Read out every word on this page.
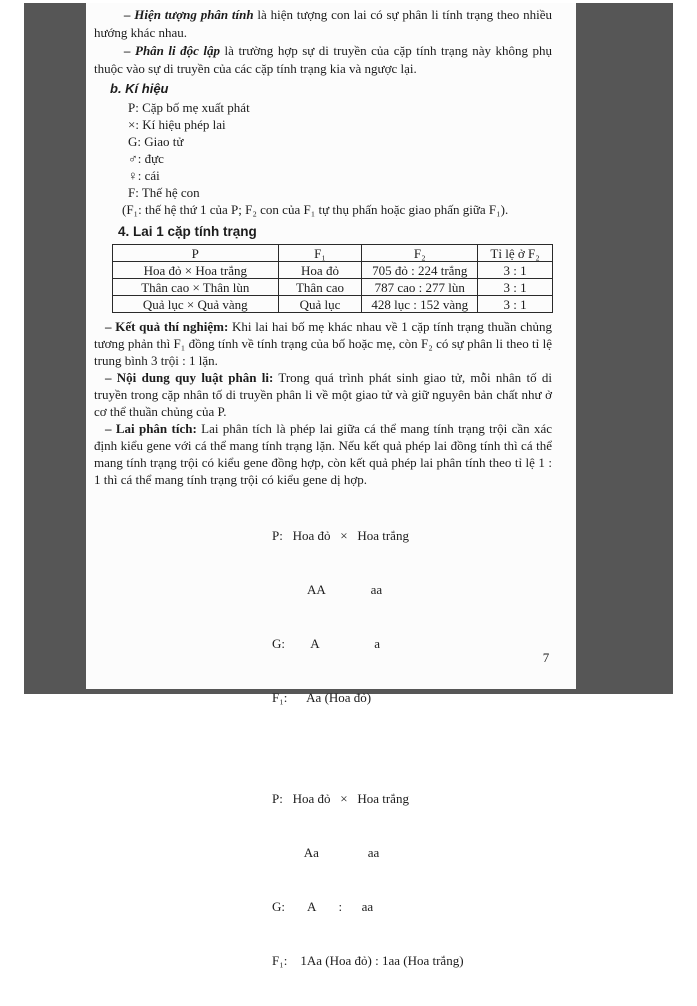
– Hiện tượng phân tính là hiện tượng con lai có sự phân li tính trạng theo nhiều hướng khác nhau.

– Phân li độc lập là trường hợp sự di truyền của cặp tính trạng này không phụ thuộc vào sự di truyền của các cặp tính trạng kia và ngược lại.

b. Kí hiệu
P: Cặp bố mẹ xuất phát
×: Kí hiệu phép lai
G: Giao tử
♂: đực
♀: cái
F: Thế hệ con
(F₁: thế hệ thứ 1 của P; F₂ con của F₁ tự thụ phấn hoặc giao phấn giữa F₁).
4. Lai 1 cặp tính trạng
P	F₁	F₂	Tỉ lệ ở F₂
Hoa đỏ × Hoa trắng	Hoa đỏ	705 đỏ : 224 trắng	3 : 1
Thân cao × Thân lùn	Thân cao	787 cao : 277 lùn	3 : 1
Quả lục × Quả vàng	Quả lục	428 lục : 152 vàng	3 : 1

– Kết quả thí nghiệm: Khi lai hai bố mẹ khác nhau về 1 cặp tính trạng thuần chủng tương phản thì F₁ đồng tính về tính trạng của bố hoặc mẹ, còn F₂ có sự phân li theo tỉ lệ trung bình 3 trội : 1 lặn.

– Nội dung quy luật phân li: Trong quá trình phát sinh giao tử, mỗi nhân tố di truyền trong cặp nhân tố di truyền phân li về một giao tử và giữ nguyên bản chất như ở cơ thể thuần chủng của P.

– Lai phân tích: Lai phân tích là phép lai giữa cá thể mang tính trạng trội cần xác định kiểu gene với cá thể mang tính trạng lặn. Nếu kết quả phép lai đồng tính thì cá thể mang tính trạng trội có kiểu gene đồng hợp, còn kết quả phép lai phân tính theo tỉ lệ 1 : 1 thì cá thể mang tính trạng trội có kiểu gene dị hợp.

P:   Hoa đỏ   ×   Hoa trắng

AA              aa

G:        A                 a

F₁:      Aa (Hoa đỏ)

P:   Hoa đỏ   ×   Hoa trắng

Aa               aa

G:       A       :      aa

F₁:    1Aa (Hoa đỏ) : 1aa (Hoa trắng)

7
